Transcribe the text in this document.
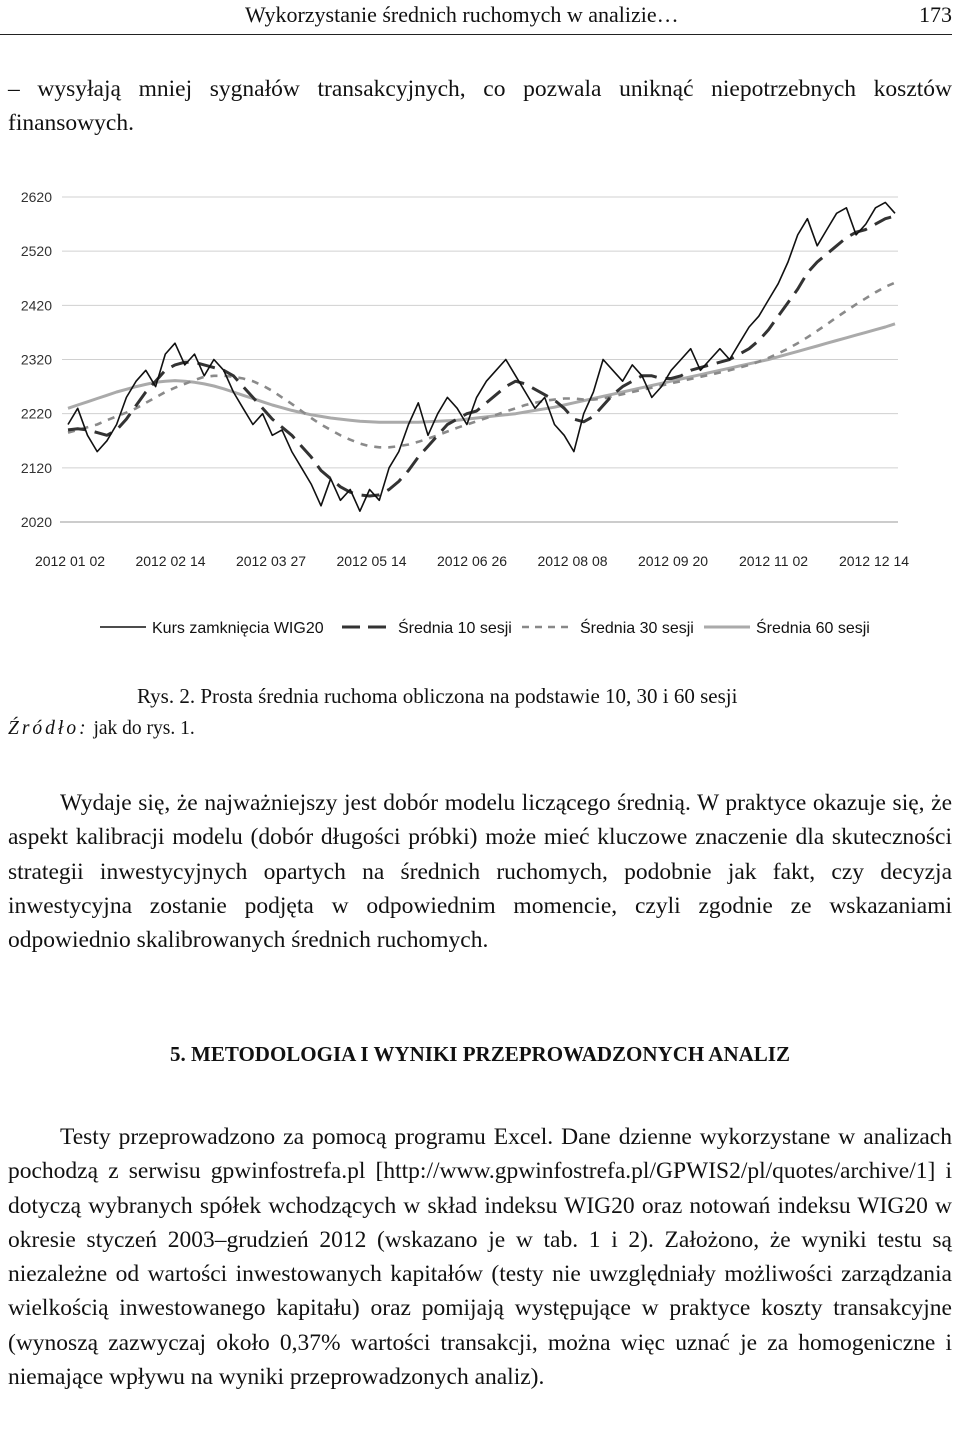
Wykorzystanie średnich ruchomych w analizie…	173
– wysyłają mniej sygnałów transakcyjnych, co pozwala uniknąć niepotrzebnych kosztów finansowych.
2620
2520
2420
2320
2220
2120
2020
2012 01 02 2012 02 14 2012 03 27 2012 05 14 2012 06 26 2012 08 08 2012 09 20 2012 11 02 2012 12 14
Kurs zamknięcia WIG20	Średnia 10 sesji	Średnia 30 sesji	Średnia 60 sesji
Rys. 2. Prosta średnia ruchoma obliczona na podstawie 10, 30 i 60 sesji
Źródło: jak do rys. 1.
Wydaje się, że najważniejszy jest dobór modelu liczącego średnią. W praktyce okazuje się, że aspekt kalibracji modelu (dobór długości próbki) może mieć kluczowe znaczenie dla skuteczności strategii inwestycyjnych opartych na średnich ruchomych, podobnie jak fakt, czy decyzja inwestycyjna zostanie podjęta w odpowiednim momencie, czyli zgodnie ze wskazaniami odpowiednio skalibrowanych średnich ruchomych.
5. METODOLOGIA I WYNIKI PRZEPROWADZONYCH ANALIZ
Testy przeprowadzono za pomocą programu Excel. Dane dzienne wykorzystane w analizach pochodzą z serwisu gpwinfostrefa.pl [http://www.gpwinfostrefa.pl/GPWIS2/pl/quotes/archive/1] i dotyczą wybranych spółek wchodzących w skład indeksu WIG20 oraz notowań indeksu WIG20 w okresie styczeń 2003–grudzień 2012 (wskazano je w tab. 1 i 2). Założono, że wyniki testu są niezależne od wartości inwestowanych kapitałów (testy nie uwzględniały możliwości zarządzania wielkością inwestowanego kapitału) oraz pomijają występujące w praktyce koszty transakcyjne (wynoszą zazwyczaj około 0,37% wartości transakcji, można więc uznać je za homogeniczne i niemające wpływu na wyniki przeprowadzonych analiz).
